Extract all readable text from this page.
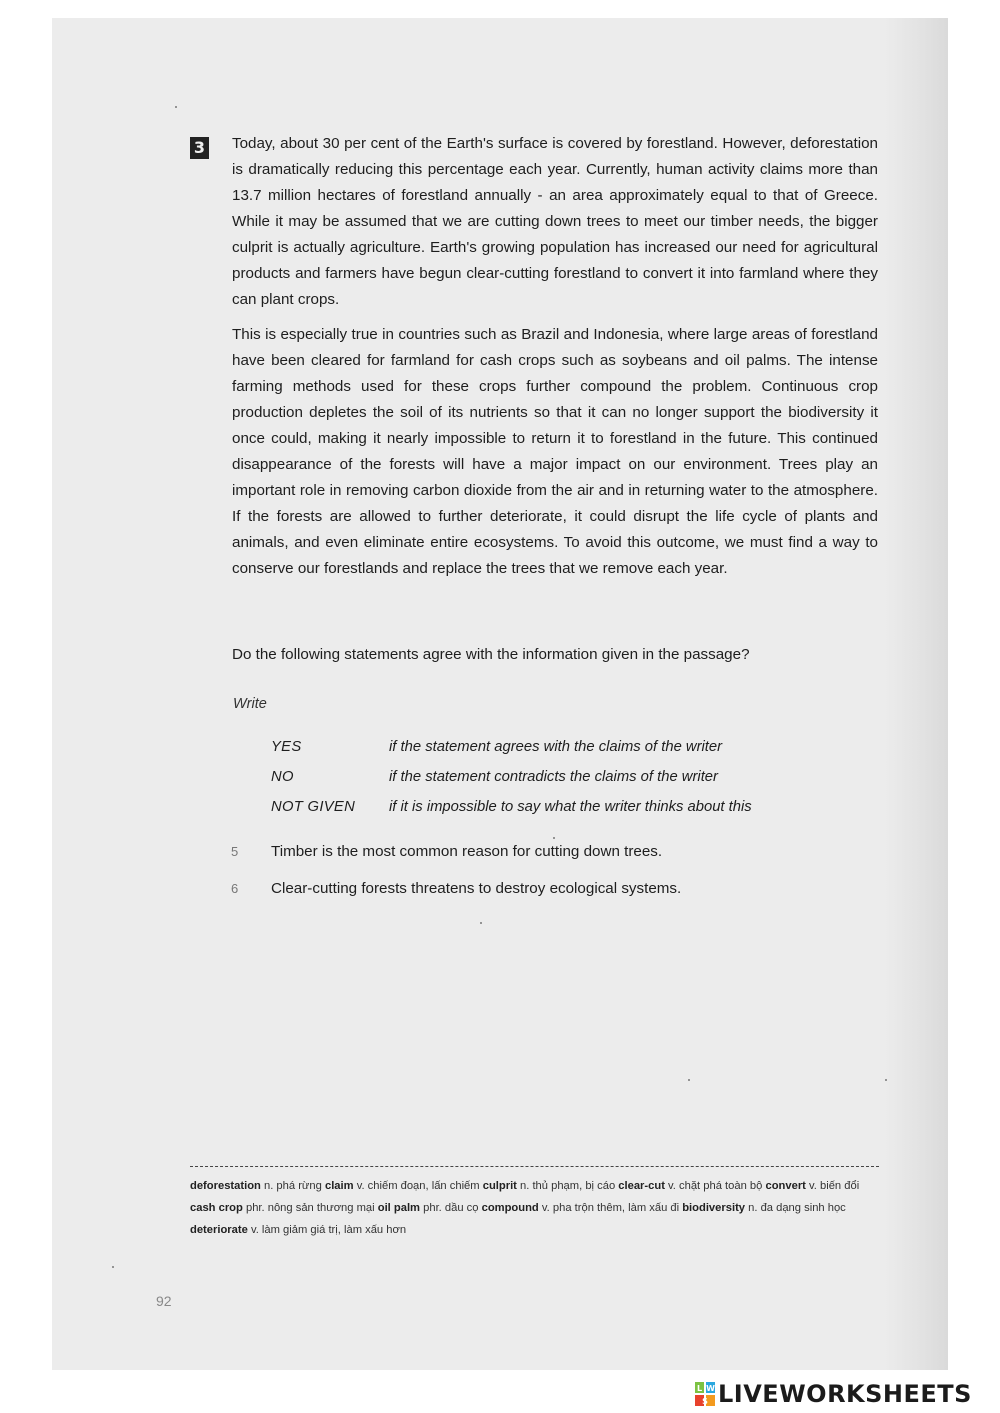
3 Today, about 30 per cent of the Earth's surface is covered by forestland. However, deforestation is dramatically reducing this percentage each year. Currently, human activity claims more than 13.7 million hectares of forestland annually - an area approximately equal to that of Greece. While it may be assumed that we are cutting down trees to meet our timber needs, the bigger culprit is actually agriculture. Earth's growing population has increased our need for agricultural products and farmers have begun clear-cutting forestland to convert it into farmland where they can plant crops.

This is especially true in countries such as Brazil and Indonesia, where large areas of forestland have been cleared for farmland for cash crops such as soybeans and oil palms. The intense farming methods used for these crops further compound the problem. Continuous crop production depletes the soil of its nutrients so that it can no longer support the biodiversity it once could, making it nearly impossible to return it to forestland in the future. This continued disappearance of the forests will have a major impact on our environment. Trees play an important role in removing carbon dioxide from the air and in returning water to the atmosphere. If the forests are allowed to further deteriorate, it could disrupt the life cycle of plants and animals, and even eliminate entire ecosystems. To avoid this outcome, we must find a way to conserve our forestlands and replace the trees that we remove each year.

Do the following statements agree with the information given in the passage?
Write
YES	if the statement agrees with the claims of the writer
NO	if the statement contradicts the claims of the writer
NOT GIVEN	if it is impossible to say what the writer thinks about this
5	Timber is the most common reason for cutting down trees.
6	Clear-cutting forests threatens to destroy ecological systems.
deforestation n. phá rừng claim v. chiếm đoạn, lấn chiếm culprit n. thủ phạm, bị cáo clear-cut v. chặt phá toàn bộ convert v. biến đổi cash crop phr. nông sản thương mại oil palm phr. dầu cọ compound v. pha trộn thêm, làm xấu đi biodiversity n. đa dạng sinh học deteriorate v. làm giảm giá trị, làm xấu hơn
92
L W
S LIVEWORKSHEETS
